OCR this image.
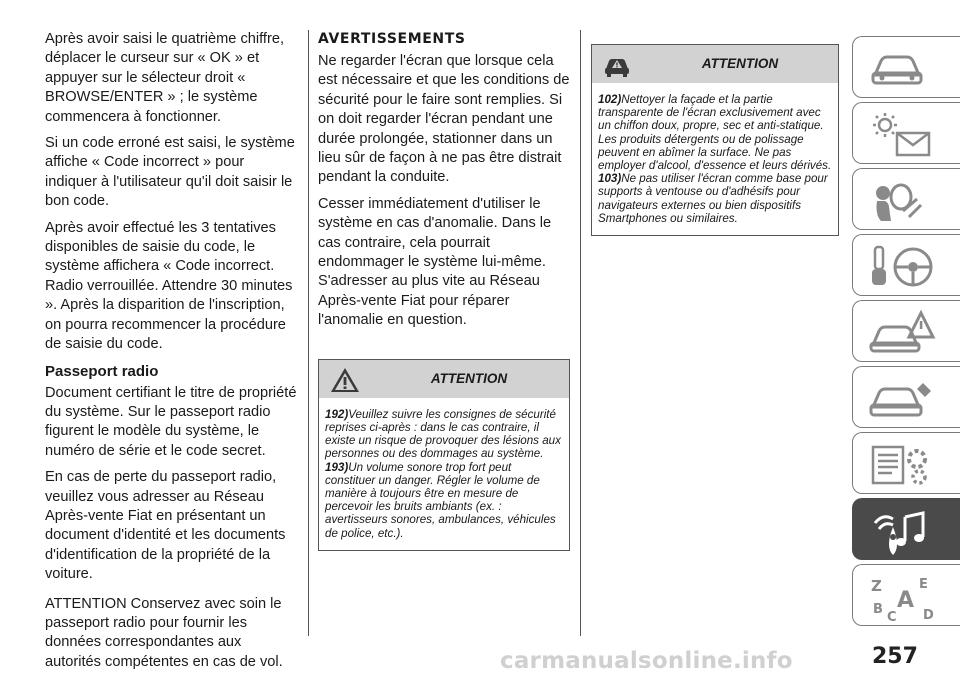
Après avoir saisi le quatrième chiffre, déplacer le curseur sur « OK » et appuyer sur le sélecteur droit « BROWSE/ENTER » ; le système commencera à fonctionner.

Si un code erroné est saisi, le système affiche « Code incorrect » pour indiquer à l'utilisateur qu'il doit saisir le bon code.

Après avoir effectué les 3 tentatives disponibles de saisie du code, le système affichera « Code incorrect. Radio verrouillée. Attendre 30 minutes ». Après la disparition de l'inscription, on pourra recommencer la procédure de saisie du code.

Passeport radio

Document certifiant le titre de propriété du système. Sur le passeport radio figurent le modèle du système, le numéro de série et le code secret.

En cas de perte du passeport radio, veuillez vous adresser au Réseau Après-vente Fiat en présentant un document d'identité et les documents d'identification de la propriété de la voiture.

ATTENTION Conservez avec soin le passeport radio pour fournir les données correspondantes aux autorités compétentes en cas de vol.

AVERTISSEMENTS

Ne regarder l'écran que lorsque cela est nécessaire et que les conditions de sécurité pour le faire sont remplies. Si on doit regarder l'écran pendant une durée prolongée, stationner dans un lieu sûr de façon à ne pas être distrait pendant la conduite.

Cesser immédiatement d'utiliser le système en cas d'anomalie. Dans le cas contraire, cela pourrait endommager le système lui-même. S'adresser au plus vite au Réseau Après-vente Fiat pour réparer l'anomalie en question.

ATTENTION
192)Veuillez suivre les consignes de sécurité reprises ci-après : dans le cas contraire, il existe un risque de provoquer des lésions aux personnes ou des dommages au système.
193)Un volume sonore trop fort peut constituer un danger. Régler le volume de manière à toujours être en mesure de percevoir les bruits ambiants (ex. : avertisseurs sonores, ambulances, véhicules de police, etc.).
ATTENTION
102)Nettoyer la façade et la partie transparente de l'écran exclusivement avec un chiffon doux, propre, sec et anti-statique. Les produits détergents ou de polissage peuvent en abîmer la surface. Ne pas employer d'alcool, d'essence et leurs dérivés.
103)Ne pas utiliser l'écran comme base pour supports à ventouse ou d'adhésifs pour navigateurs externes ou bien dispositifs Smartphones ou similaires.
Z	E
A
B
C D
carmanualsonline.info	257
